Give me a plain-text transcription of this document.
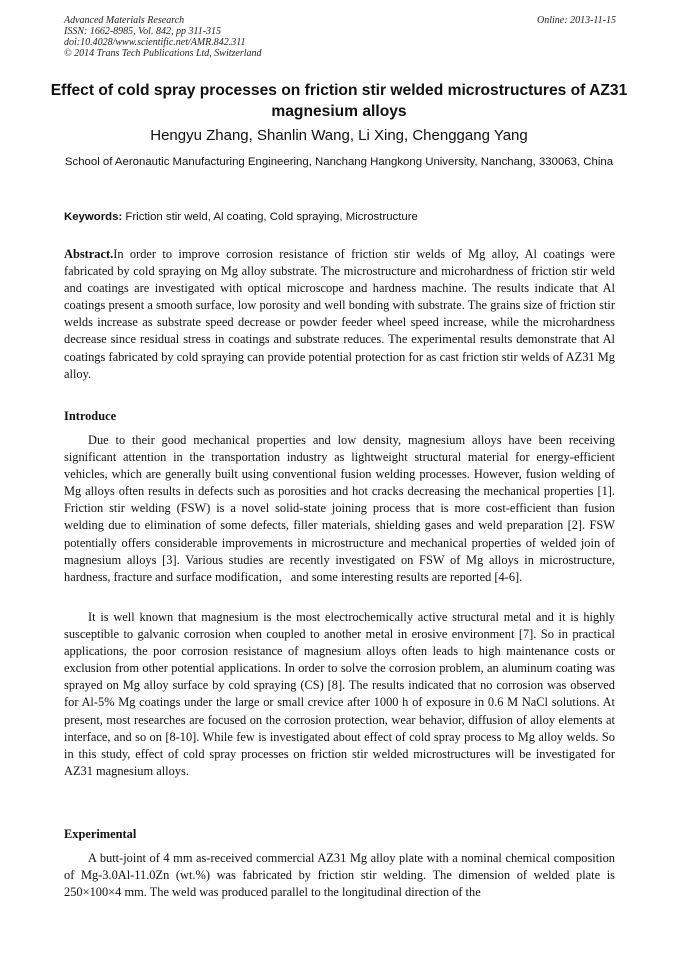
Advanced Materials Research
ISSN: 1662-8985, Vol. 842, pp 311-315
doi:10.4028/www.scientific.net/AMR.842.311
© 2014 Trans Tech Publications Ltd, Switzerland
Online: 2013-11-15
Effect of cold spray processes on friction stir welded microstructures of AZ31 magnesium alloys
Hengyu Zhang, Shanlin Wang, Li Xing, Chenggang Yang
School of Aeronautic Manufacturing Engineering, Nanchang Hangkong University, Nanchang, 330063, China
Keywords: Friction stir weld, Al coating, Cold spraying, Microstructure
Abstract.In order to improve corrosion resistance of friction stir welds of Mg alloy, Al coatings were fabricated by cold spraying on Mg alloy substrate. The microstructure and microhardness of friction stir weld and coatings are investigated with optical microscope and hardness machine. The results indicate that Al coatings present a smooth surface, low porosity and well bonding with substrate. The grains size of friction stir welds increase as substrate speed decrease or powder feeder wheel speed increase, while the microhardness decrease since residual stress in coatings and substrate reduces. The experimental results demonstrate that Al coatings fabricated by cold spraying can provide potential protection for as cast friction stir welds of AZ31 Mg alloy.
Introduce
Due to their good mechanical properties and low density, magnesium alloys have been receiving significant attention in the transportation industry as lightweight structural material for energy-efficient vehicles, which are generally built using conventional fusion welding processes. However, fusion welding of Mg alloys often results in defects such as porosities and hot cracks decreasing the mechanical properties [1]. Friction stir welding (FSW) is a novel solid-state joining process that is more cost-efficient than fusion welding due to elimination of some defects, filler materials, shielding gases and weld preparation [2]. FSW potentially offers considerable improvements in microstructure and mechanical properties of welded join of magnesium alloys [3]. Various studies are recently investigated on FSW of Mg alloys in microstructure, hardness, fracture and surface modification，and some interesting results are reported [4-6].
It is well known that magnesium is the most electrochemically active structural metal and it is highly susceptible to galvanic corrosion when coupled to another metal in erosive environment [7]. So in practical applications, the poor corrosion resistance of magnesium alloys often leads to high maintenance costs or exclusion from other potential applications. In order to solve the corrosion problem, an aluminum coating was sprayed on Mg alloy surface by cold spraying (CS) [8]. The results indicated that no corrosion was observed for Al-5% Mg coatings under the large or small crevice after 1000 h of exposure in 0.6 M NaCl solutions. At present, most researches are focused on the corrosion protection, wear behavior, diffusion of alloy elements at interface, and so on [8-10]. While few is investigated about effect of cold spray process to Mg alloy welds. So in this study, effect of cold spray processes on friction stir welded microstructures will be investigated for AZ31 magnesium alloys.
Experimental
A butt-joint of 4 mm as-received commercial AZ31 Mg alloy plate with a nominal chemical composition of Mg-3.0Al-11.0Zn (wt.%) was fabricated by friction stir welding. The dimension of welded plate is 250×100×4 mm. The weld was produced parallel to the longitudinal direction of the
